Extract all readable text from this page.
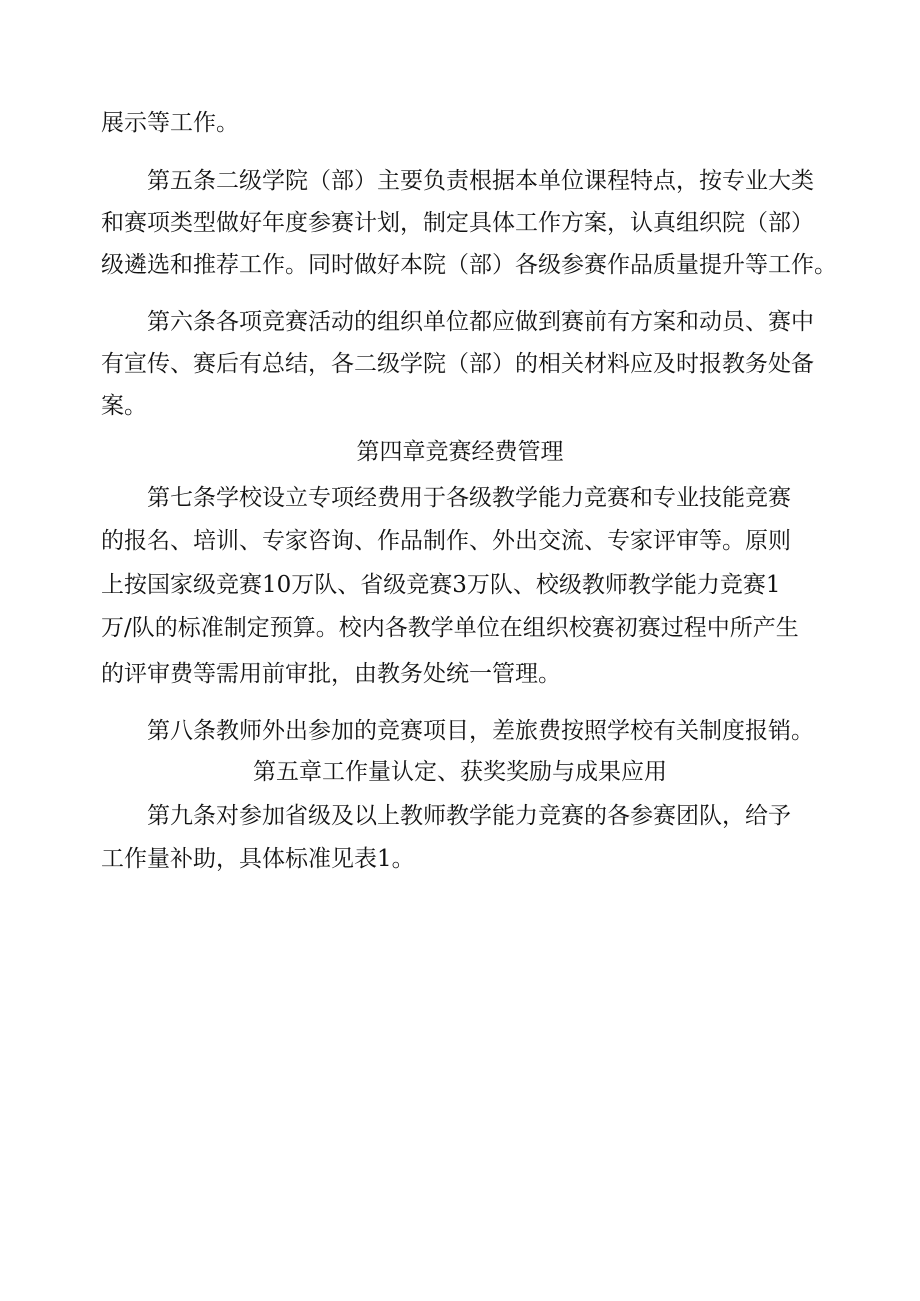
展示等工作。
第五条二级学院（部）主要负责根据本单位课程特点，按专业大类
和赛项类型做好年度参赛计划，制定具体工作方案，认真组织院（部）
级遴选和推荐工作。同时做好本院（部）各级参赛作品质量提升等工作。
第六条各项竞赛活动的组织单位都应做到赛前有方案和动员、赛中
有宣传、赛后有总结，各二级学院（部）的相关材料应及时报教务处备
案。
第四章竞赛经费管理
第七条学校设立专项经费用于各级教学能力竞赛和专业技能竞赛
的报名、培训、专家咨询、作品制作、外出交流、专家评审等。原则
上按国家级竞赛10万队、省级竞赛3万队、校级教师教学能力竞赛1
万/队的标准制定预算。校内各教学单位在组织校赛初赛过程中所产生
的评审费等需用前审批，由教务处统一管理。
第八条教师外出参加的竞赛项目，差旅费按照学校有关制度报销。
第五章工作量认定、获奖奖励与成果应用
第九条对参加省级及以上教师教学能力竞赛的各参赛团队，给予
工作量补助，具体标准见表1。
